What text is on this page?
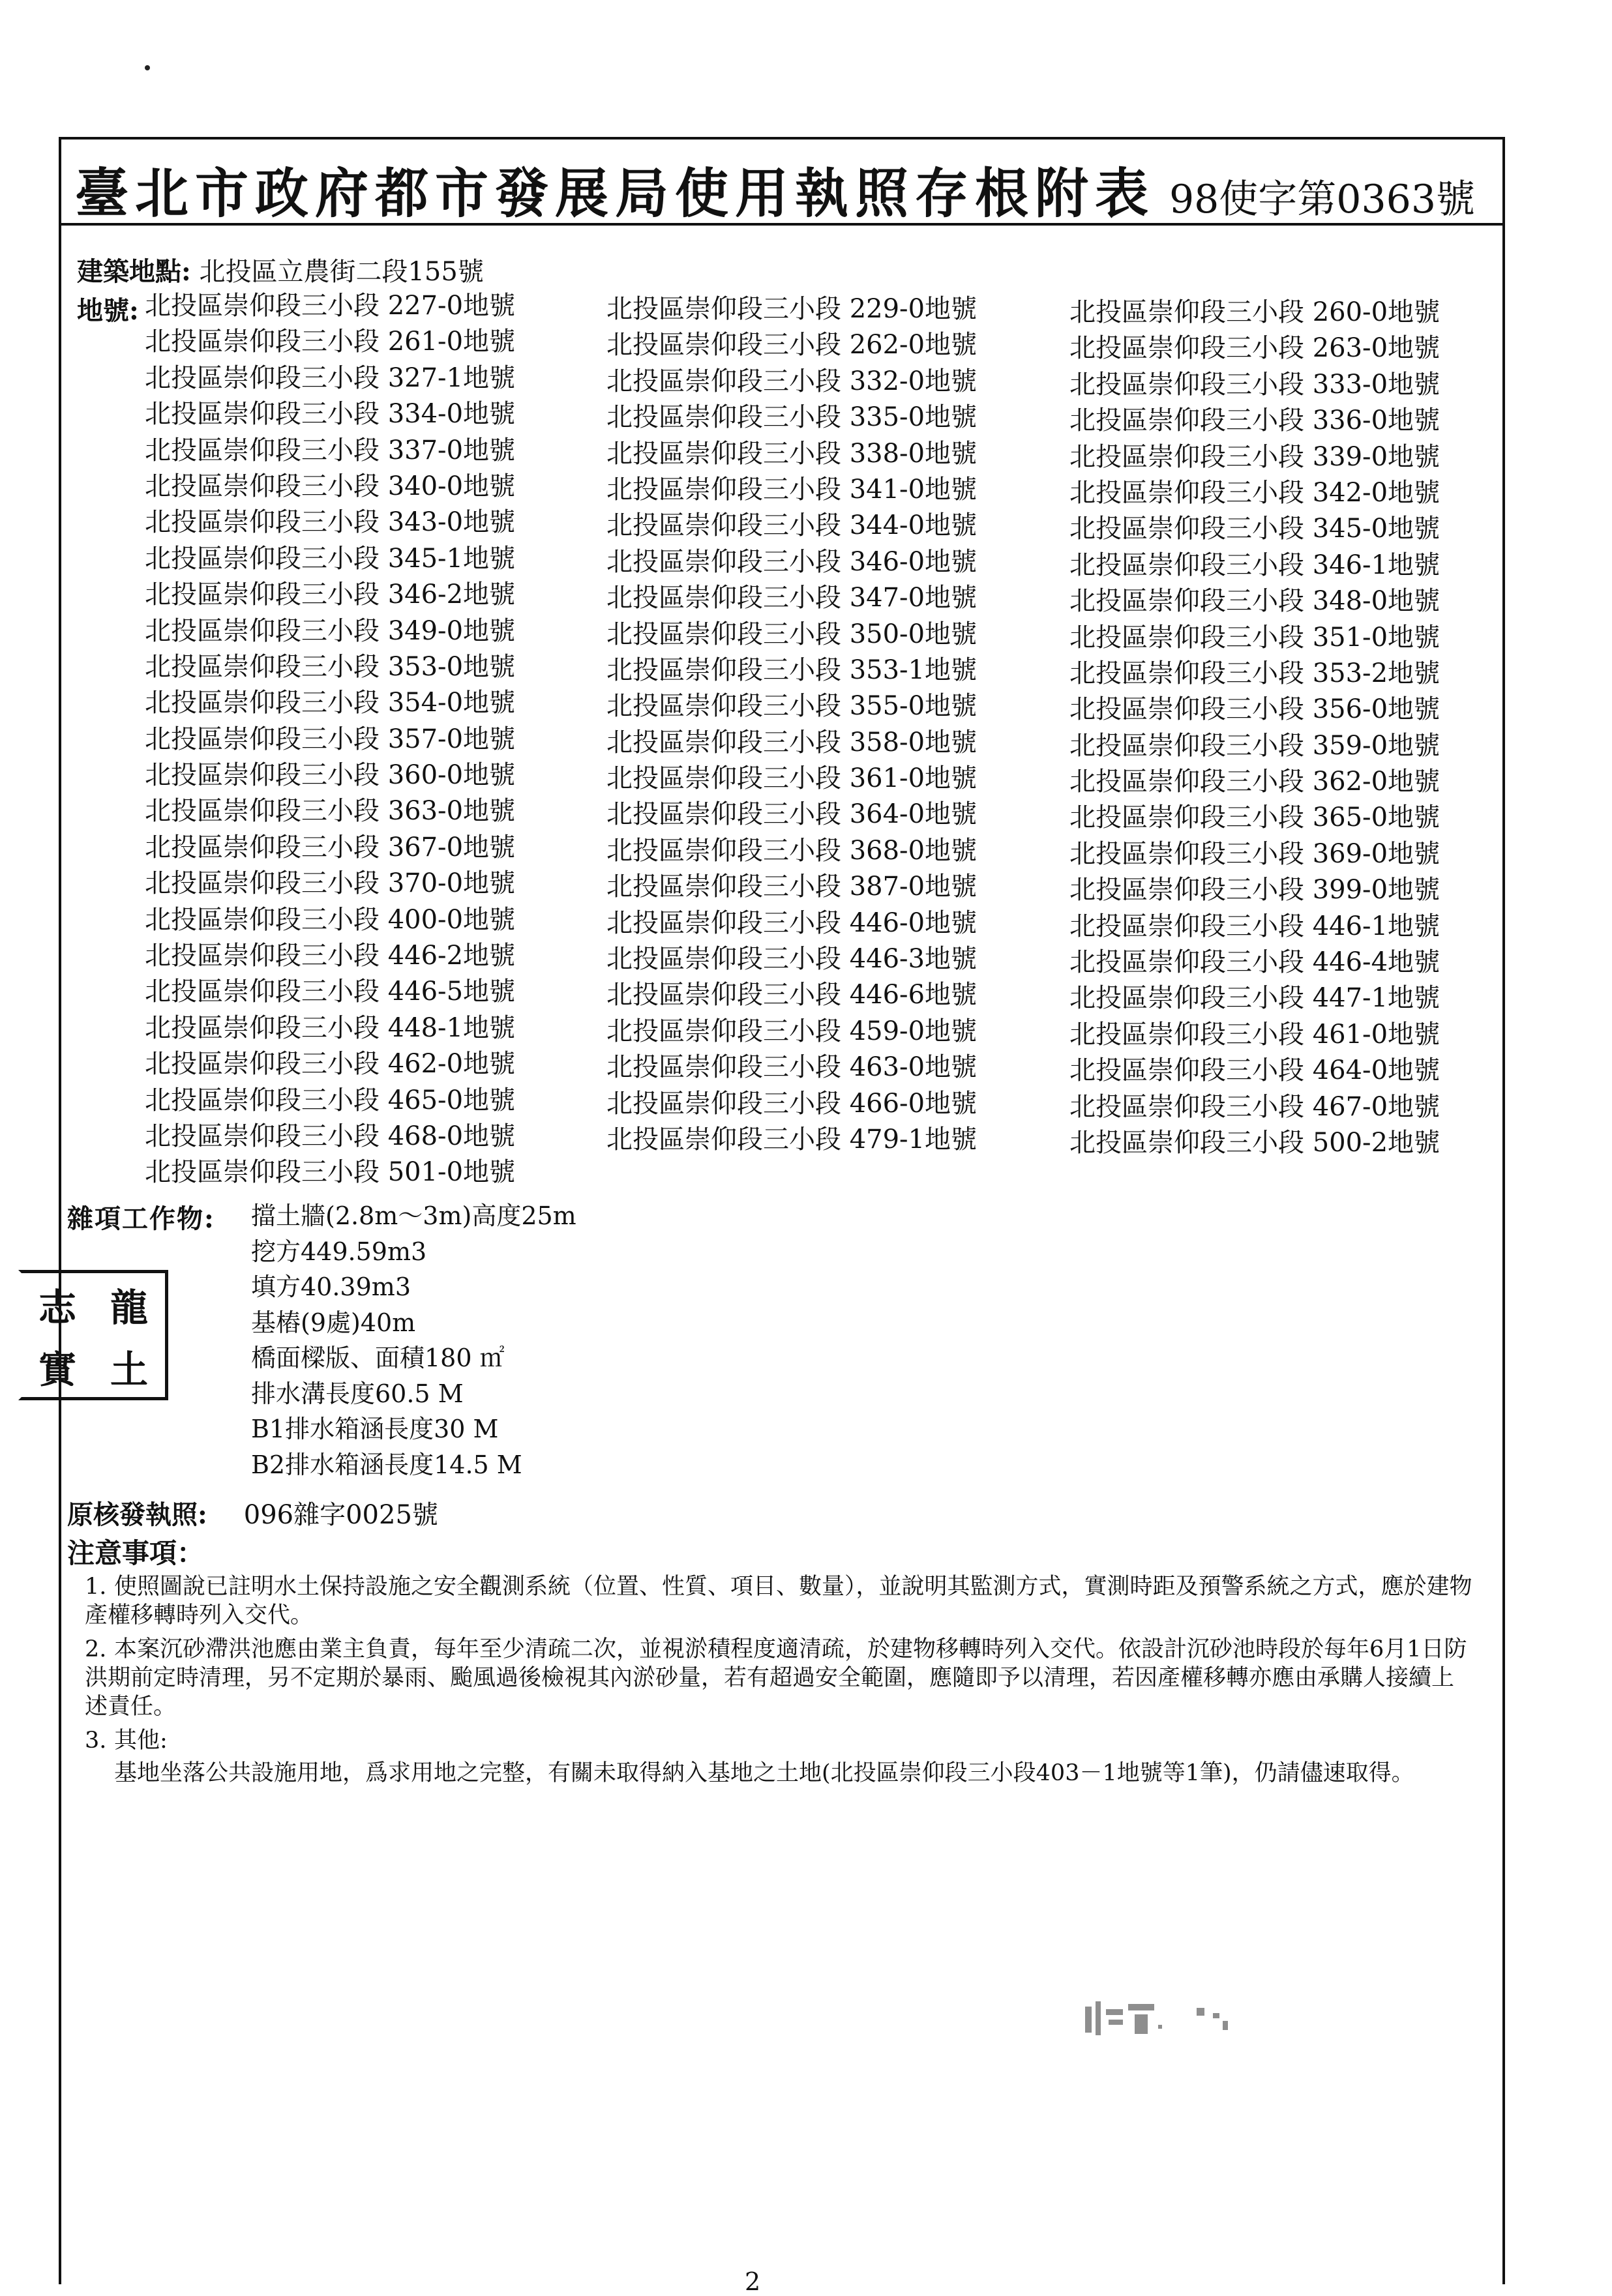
臺北市政府都市發展局使用執照存根附表 98使字第0363號
建築地點: 北投區立農街二段155號
地號: 北投區崇仰段三小段 227-0地號
北投區崇仰段三小段 261-0地號
北投區崇仰段三小段 327-1地號
北投區崇仰段三小段 334-0地號
北投區崇仰段三小段 337-0地號
北投區崇仰段三小段 340-0地號
北投區崇仰段三小段 343-0地號
北投區崇仰段三小段 345-1地號
北投區崇仰段三小段 346-2地號
北投區崇仰段三小段 349-0地號
北投區崇仰段三小段 353-0地號
北投區崇仰段三小段 354-0地號
北投區崇仰段三小段 357-0地號
北投區崇仰段三小段 360-0地號
北投區崇仰段三小段 363-0地號
北投區崇仰段三小段 367-0地號
北投區崇仰段三小段 370-0地號
北投區崇仰段三小段 400-0地號
北投區崇仰段三小段 446-2地號
北投區崇仰段三小段 446-5地號
北投區崇仰段三小段 448-1地號
北投區崇仰段三小段 462-0地號
北投區崇仰段三小段 465-0地號
北投區崇仰段三小段 468-0地號
北投區崇仰段三小段 501-0地號
北投區崇仰段三小段 229-0地號
北投區崇仰段三小段 262-0地號
北投區崇仰段三小段 332-0地號
北投區崇仰段三小段 335-0地號
北投區崇仰段三小段 338-0地號
北投區崇仰段三小段 341-0地號
北投區崇仰段三小段 344-0地號
北投區崇仰段三小段 346-0地號
北投區崇仰段三小段 347-0地號
北投區崇仰段三小段 350-0地號
北投區崇仰段三小段 353-1地號
北投區崇仰段三小段 355-0地號
北投區崇仰段三小段 358-0地號
北投區崇仰段三小段 361-0地號
北投區崇仰段三小段 364-0地號
北投區崇仰段三小段 368-0地號
北投區崇仰段三小段 387-0地號
北投區崇仰段三小段 446-0地號
北投區崇仰段三小段 446-3地號
北投區崇仰段三小段 446-6地號
北投區崇仰段三小段 459-0地號
北投區崇仰段三小段 463-0地號
北投區崇仰段三小段 466-0地號
北投區崇仰段三小段 479-1地號
北投區崇仰段三小段 260-0地號
北投區崇仰段三小段 263-0地號
北投區崇仰段三小段 333-0地號
北投區崇仰段三小段 336-0地號
北投區崇仰段三小段 339-0地號
北投區崇仰段三小段 342-0地號
北投區崇仰段三小段 345-0地號
北投區崇仰段三小段 346-1地號
北投區崇仰段三小段 348-0地號
北投區崇仰段三小段 351-0地號
北投區崇仰段三小段 353-2地號
北投區崇仰段三小段 356-0地號
北投區崇仰段三小段 359-0地號
北投區崇仰段三小段 362-0地號
北投區崇仰段三小段 365-0地號
北投區崇仰段三小段 369-0地號
北投區崇仰段三小段 399-0地號
北投區崇仰段三小段 446-1地號
北投區崇仰段三小段 446-4地號
北投區崇仰段三小段 447-1地號
北投區崇仰段三小段 461-0地號
北投區崇仰段三小段 464-0地號
北投區崇仰段三小段 467-0地號
北投區崇仰段三小段 500-2地號
雜項工作物: 擋土牆(2.8m～3m)高度25m
挖方449.59m3
填方40.39m3
基樁(9處)40m
橋面樑版、面積180 ㎡
排水溝長度60.5 M
B1排水箱涵長度30 M
B2排水箱涵長度14.5 M
志 龍
實 土
原核發執照: 096雜字0025號
注意事項：
1. 使照圖說已註明水土保持設施之安全觀測系統（位置、性質、項目、數量），並說明其監測方式，實測時距及預警系統之方式，應於建物產權移轉時列入交代。
2. 本案沉砂滯洪池應由業主負責，每年至少清疏二次，並視淤積程度適清疏，於建物移轉時列入交代。依設計沉砂池時段於每年6月1日防洪期前定時清理，另不定期於暴雨、颱風過後檢視其內淤砂量，若有超過安全範圍，應隨即予以清理，若因產權移轉亦應由承購人接續上述責任。
3. 其他:
基地坐落公共設施用地，爲求用地之完整，有關未取得納入基地之土地(北投區崇仰段三小段403－1地號等1筆)，仍請儘速取得。
2
